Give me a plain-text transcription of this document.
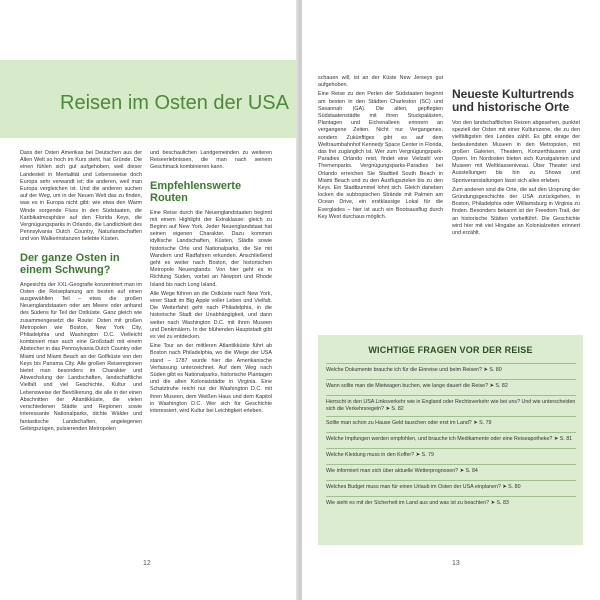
Reisen im Osten der USA

Dass der Osten Amerikas bei Deutschen aus der Alten Welt so hoch im Kurs steht, hat Gründe. Die einen fühlen sich gut aufgehoben, weil dieser Landesteil in Mentalität und Lebensweise doch Europa sehr verwandt ist; die anderen, weil man Europa vergleichen ist. Und die anderen suchen auf der Weg, um in der Neuen Welt das zu finden, was es in Europa nicht gibt: wie etwa den Warm Winde sorgende Fluss in den Südstaaten, die Karibikatmosphäre auf den Florida Keys, die Vergnügungsparks in Orlando, die Landlichkeit des Pennsylvania Dutch Country, Naturlandschaften und von Walkerinstanzen belebte Küsten.

Der ganze Osten in einem Schwung?

Angesichts der XXL-Geografie konzentriert man im Osten die Reiseplanung am besten auf einen ausgewählten Teil – etwa die großen Neuenglandstaaten oder am Meere oder anhand des Südens für Teil der Ostküste. Ganz gleich wie zusammengesetzt die Route: Osten mit großen Metropolen wie Boston, New York City, Philadelphia und Washington D.C. Vielleicht kombiniert man auch eine Großstadt mit einem Abstecher in das Pennsylvania Dutch Country oder Miami und Miami Beach an der Golfküste von den Keys bis Panama City. Alle großen Reiseregionen bietet man besonders im Charakter und Abwechslung der Landschaften, landschaftliche Vielfalt und viel Geschichte, Kultur und Lebensweise der Bevölkerung, die alle in der einen Abschnitten der Atlantikküste, die vielen verschiedenen Städte und Regionen sowie interessante Nationalparks, dichte Wälder und fantastische Landschaften, angelegenen Gebirgszügen, pulsierenden Metropolen

und beschaulichen Landgemeinden zu weiteren Reiseerlebnissen, die man nach seinem Geschmack kombinieren kann.

Empfehlenswerte Routen

Eine Reise durch die Neuenglandstaaten beginnt mit einem Highlight der Extraklasse: gleich zu Beginn auf New York. Jeder Neuenglandstaat hat seinen eigenen Charakter. Dazu kommen idyllische Landschaften, Küsten, Städte sowie historische Orte und Nationalparks, die Sie mit Wandern und Radfahren erkunden. Anschließend geht es weiter nach Boston, der historischen Metropole Neuenglands. Von hier geht es in Richtung Süden, vorbei an Newport und Rhode Island bis nach Long Island.

Alle Wege führen an die Ostküste nach New York, einer Stadt im Big Apple voller Leben und Vielfalt. Die Weiterfahrt geht nach Philadelphia, in die historische Stadt der Unabhängigkeit, und dann weiter nach Washington D.C. mit ihren Museen und Denkmälern. In der blühenden Hauptstadt gibt es viel zu entdecken.

Eine Tour an der mittleren Atlantikküste führt ab Boston nach Philadelphia, wo die Wiege der USA stand – 1787 wurde hier die Amerikanische Verfassung unterzeichnet. Auf dem Weg nach Süden gibt es Nationalparks, historische Plantagen und die alten Kolonialstädte in Virginia. Eine Schatztruhe reicht nur der Washington D.C. mit ihren Museen, dem Weißen Haus und dem Kapitol in Washington D.C. Wer sich für Geschichte interessiert, wird Kultur bei Leichtigkeit erleben.

12

schauen will, ist an der Küste New Jerseys gut aufgehoben.

Eine Reise zu den Perlen der Südstaaten beginnt am besten in den Städten Charleston (SC) und Savannah (GA). Die alten, gepflegten Südstaatenstädte mit ihren Stuckpalästen, Plantagen und Eichenalleen erinnern an vergangene Zeiten. Nicht nur Vergangenes, sondern Zukünftiges gibt es auf dem Weltraumbahnhof Kennedy Space Center in Florida, das frei zugänglich ist. Wer zum Vergnügungspark-Paradies Orlando reist, findet eine Vielzahl von Themenparks. Vergnügungsparks-Paradies bei Orlando erreichen Sie Stadtteil South Beach in Miami Beach und zu den Ausflugszielen bis zu den Keys. Ein Stadtbummel lohnt sich. Gleich daneben locken die subtropischen Strände mit Palmen am Ocean Drive, ein erstklassige Lokal für die Everglades – hier ist auch ein Bootsausflug durch Key West durchaus möglich.

Neueste Kulturtrends und historische Orte

Von den landschaftlichen Reizen abgesehen, punktet speziell der Osten mit einer Kulturszene, die zu den vielfältigsten des Landes zählt. Es gibt einige der bedeutendsten Museen in den Metropolen, mit großen Galerien, Theatern, Konzerthäusern und Opern. Im Nordosten bieten sich Kunstgalerien und Museen mit Weltklasseniveau. Über Theater und Ausstellungen bis hin zu Shows und Sportveranstaltungen lässt sich alles erleben.

Zum anderen sind die Orte, die auf den Ursprung der Gründungsgeschichte der USA zurückgehen, in Boston, Philadelphia oder Williamsburg in Virginia zu finden. Besonders bekannt ist der Freedom Trail, der an historische Stätten vorbeiführt. Die Geschichte wird hier mit viel Hingabe an Kolonialzeiten erinnert und erzählt.

WICHTIGE FRAGEN VOR DER REISE
Welche Dokumente brauche ich für die Einreise und beim Reisen? ➤ S. 80
Wann sollte man die Mietwagen buchen, wie lange dauert die Reise? ➤ S. 82
Herrscht in den USA Linksverkehr wie in England oder Rechtsverkehr wie bei uns? Und wie unterscheiden sich die Verkehrsregeln? ➤ S. 82
Sollte man schon zu Hause Geld tauschen oder erst im Land? ➤ S. 79
Welche Impfungen werden empfohlen, und brauche ich Medikamente oder eine Reiseapotheke? ➤ S. 81
Welche Kleidung muss in den Koffer? ➤ S. 79
Wie informiert man sich über aktuelle Wetterprognosen? ➤ S. 84
Welches Budget muss man für einen Urlaub im Osten der USA einplanen? ➤ S. 80
Wie sieht es mit der Sicherheit im Land aus und was ist zu beachten? ➤ S. 83
13
